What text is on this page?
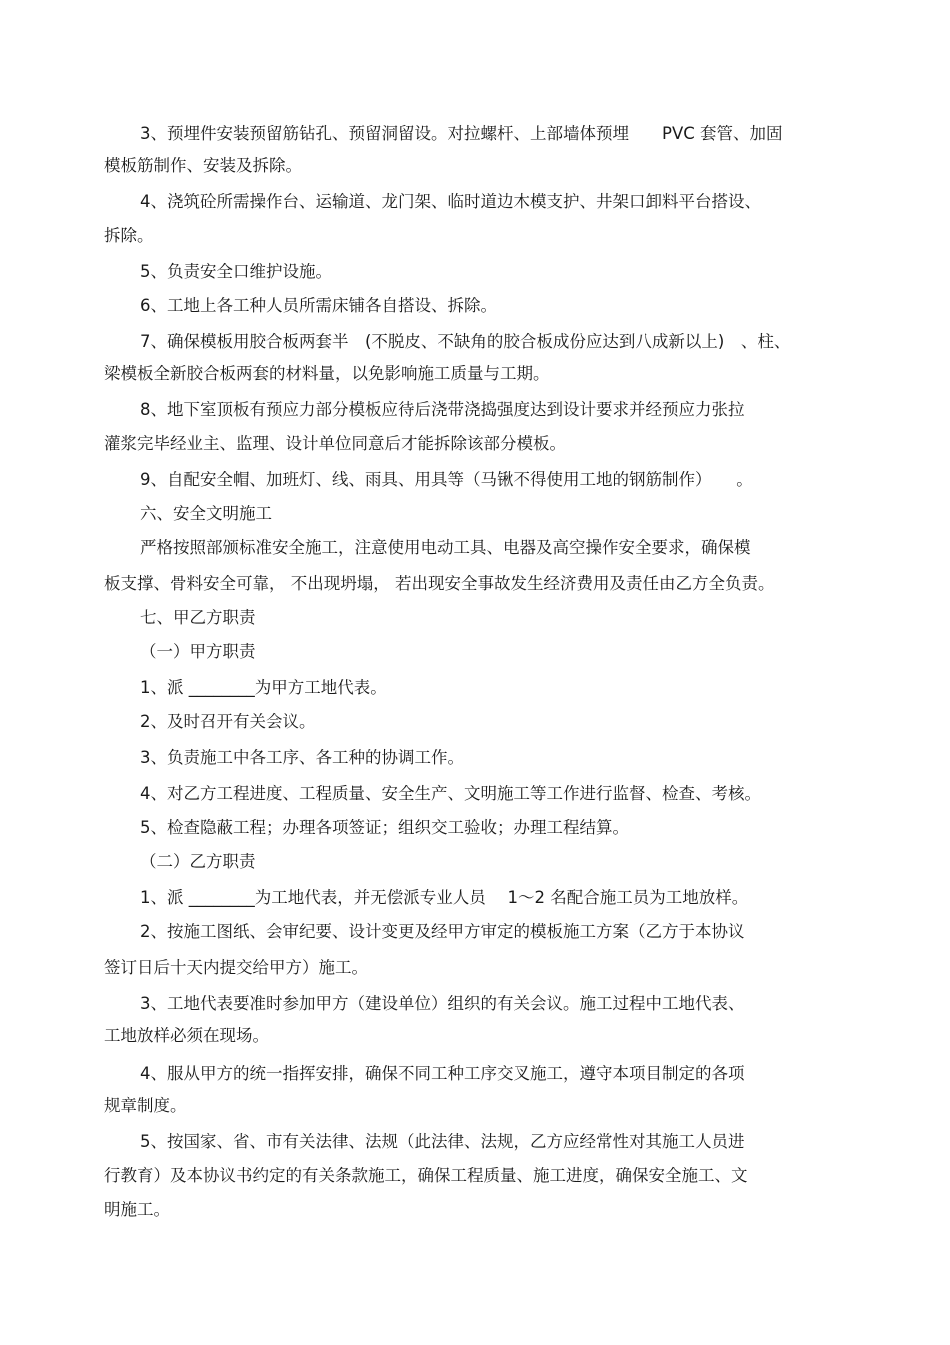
3、预埋件安装预留筋钻孔、预留洞留设。对拉螺杆、上部墙体预埋　　PVC 套管、加固
模板筋制作、安装及拆除。
4、浇筑砼所需操作台、运输道、龙门架、临时道边木模支护、井架口卸料平台搭设、
拆除。
5、负责安全口维护设施。
6、工地上各工种人员所需床铺各自搭设、拆除。
7、确保模板用胶合板两套半　(不脱皮、不缺角的胶合板成份应达到八成新以上)　、柱、
梁模板全新胶合板两套的材料量，以免影响施工质量与工期。
8、地下室顶板有预应力部分模板应待后浇带浇捣强度达到设计要求并经预应力张拉
灌浆完毕经业主、监理、设计单位同意后才能拆除该部分模板。
9、自配安全帽、加班灯、线、雨具、用具等（马锹不得使用工地的钢筋制作）　　。
六、安全文明施工
严格按照部颁标准安全施工，注意使用电动工具、电器及高空操作安全要求，确保模
板支撑、骨料安全可靠， 不出现坍塌， 若出现安全事故发生经济费用及责任由乙方全负责。
七、甲乙方职责
（一）甲方职责
1、派 ________为甲方工地代表。
2、及时召开有关会议。
3、负责施工中各工序、各工种的协调工作。
4、对乙方工程进度、工程质量、安全生产、文明施工等工作进行监督、检查、考核。
5、检查隐蔽工程；办理各项签证；组织交工验收；办理工程结算。
（二）乙方职责
1、派 ________为工地代表，并无偿派专业人员　 1～2 名配合施工员为工地放样。
2、按施工图纸、会审纪要、设计变更及经甲方审定的模板施工方案（乙方于本协议
签订日后十天内提交给甲方）施工。
3、工地代表要准时参加甲方（建设单位）组织的有关会议。施工过程中工地代表、
工地放样必须在现场。
4、服从甲方的统一指挥安排，确保不同工种工序交叉施工，遵守本项目制定的各项
规章制度。
5、按国家、省、市有关法律、法规（此法律、法规，乙方应经常性对其施工人员进
行教育）及本协议书约定的有关条款施工，确保工程质量、施工进度，确保安全施工、文
明施工。
